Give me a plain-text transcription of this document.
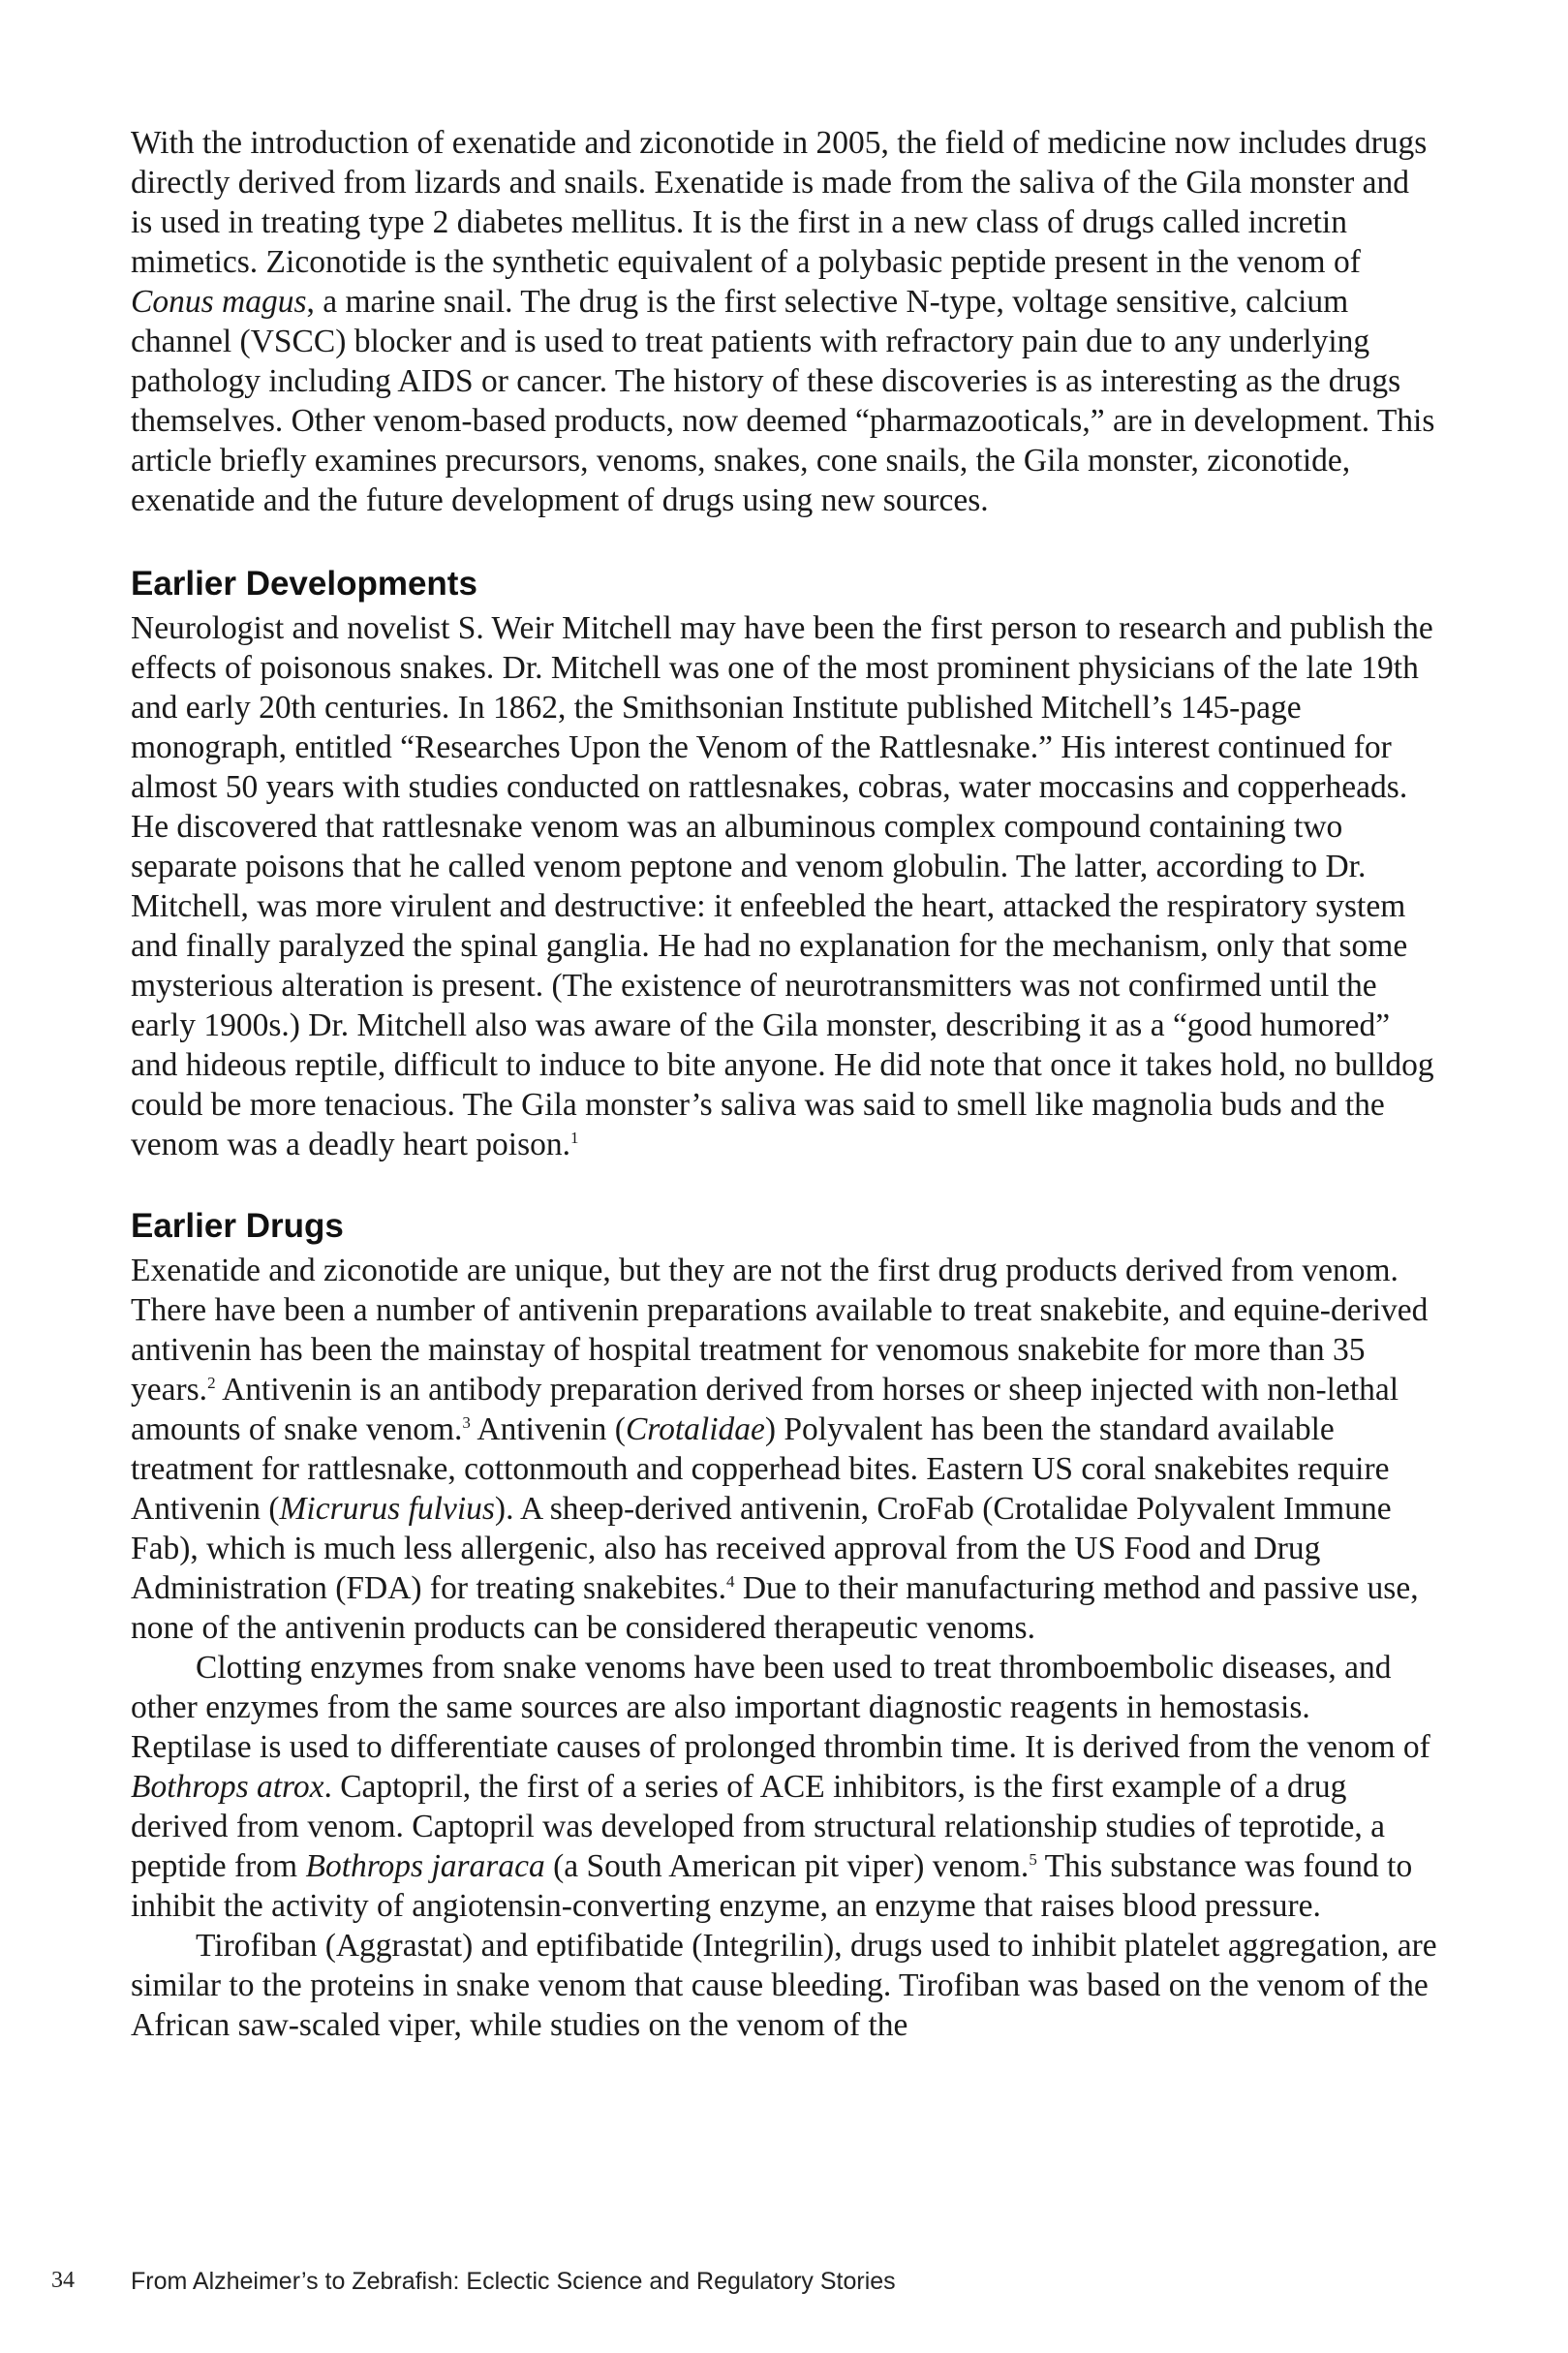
With the introduction of exenatide and ziconotide in 2005, the field of medicine now includes drugs directly derived from lizards and snails. Exenatide is made from the saliva of the Gila monster and is used in treating type 2 diabetes mellitus. It is the first in a new class of drugs called incretin mimetics. Ziconotide is the synthetic equivalent of a polybasic peptide present in the venom of Conus magus, a marine snail. The drug is the first selective N-type, voltage sensitive, calcium channel (VSCC) blocker and is used to treat patients with refractory pain due to any underlying pathology including AIDS or cancer. The history of these discoveries is as interesting as the drugs themselves. Other venom-based products, now deemed “pharmazooticals,” are in development. This article briefly examines precursors, venoms, snakes, cone snails, the Gila monster, ziconotide, exenatide and the future development of drugs using new sources.

Earlier Developments

Neurologist and novelist S. Weir Mitchell may have been the first person to research and publish the effects of poisonous snakes. Dr. Mitchell was one of the most prominent physicians of the late 19th and early 20th centuries. In 1862, the Smithsonian Institute published Mitchell’s 145-page monograph, entitled “Researches Upon the Venom of the Rattlesnake.” His interest continued for almost 50 years with studies conducted on rattlesnakes, cobras, water moccasins and copperheads. He discovered that rattlesnake venom was an albuminous complex compound containing two separate poisons that he called venom peptone and venom globulin. The latter, according to Dr. Mitchell, was more virulent and destructive: it enfeebled the heart, attacked the respiratory system and finally paralyzed the spinal ganglia. He had no explanation for the mechanism, only that some mysterious alteration is present. (The existence of neurotransmitters was not confirmed until the early 1900s.) Dr. Mitchell also was aware of the Gila monster, describing it as a “good humored” and hideous reptile, difficult to induce to bite anyone. He did note that once it takes hold, no bulldog could be more tenacious. The Gila monster’s saliva was said to smell like magnolia buds and the venom was a deadly heart poison.$^1$

Earlier Drugs

Exenatide and ziconotide are unique, but they are not the first drug products derived from venom. There have been a number of antivenin preparations available to treat snakebite, and equine-derived antivenin has been the mainstay of hospital treatment for venomous snakebite for more than 35 years.$^2$ Antivenin is an antibody preparation derived from horses or sheep injected with non-lethal amounts of snake venom.$^3$ Antivenin (Crotalidae) Polyvalent has been the standard available treatment for rattlesnake, cottonmouth and copperhead bites. Eastern US coral snakebites require Antivenin (Micrurus fulvius). A sheep-derived antivenin, CroFab (Crotalidae Polyvalent Immune Fab), which is much less allergenic, also has received approval from the US Food and Drug Administration (FDA) for treating snakebites.$^4$ Due to their manufacturing method and passive use, none of the antivenin products can be considered therapeutic venoms.

Clotting enzymes from snake venoms have been used to treat thromboembolic diseases, and other enzymes from the same sources are also important diagnostic reagents in hemostasis. Reptilase is used to differentiate causes of prolonged thrombin time. It is derived from the venom of Bothrops atrox. Captopril, the first of a series of ACE inhibitors, is the first example of a drug derived from venom. Captopril was developed from structural relationship studies of teprotide, a peptide from Bothrops jararaca (a South American pit viper) venom.$^5$ This substance was found to inhibit the activity of angiotensin-converting enzyme, an enzyme that raises blood pressure.

Tirofiban (Aggrastat) and eptifibatide (Integrilin), drugs used to inhibit platelet aggregation, are similar to the proteins in snake venom that cause bleeding. Tirofiban was based on the venom of the African saw-scaled viper, while studies on the venom of the

34 From Alzheimer’s to Zebrafish: Eclectic Science and Regulatory Stories
